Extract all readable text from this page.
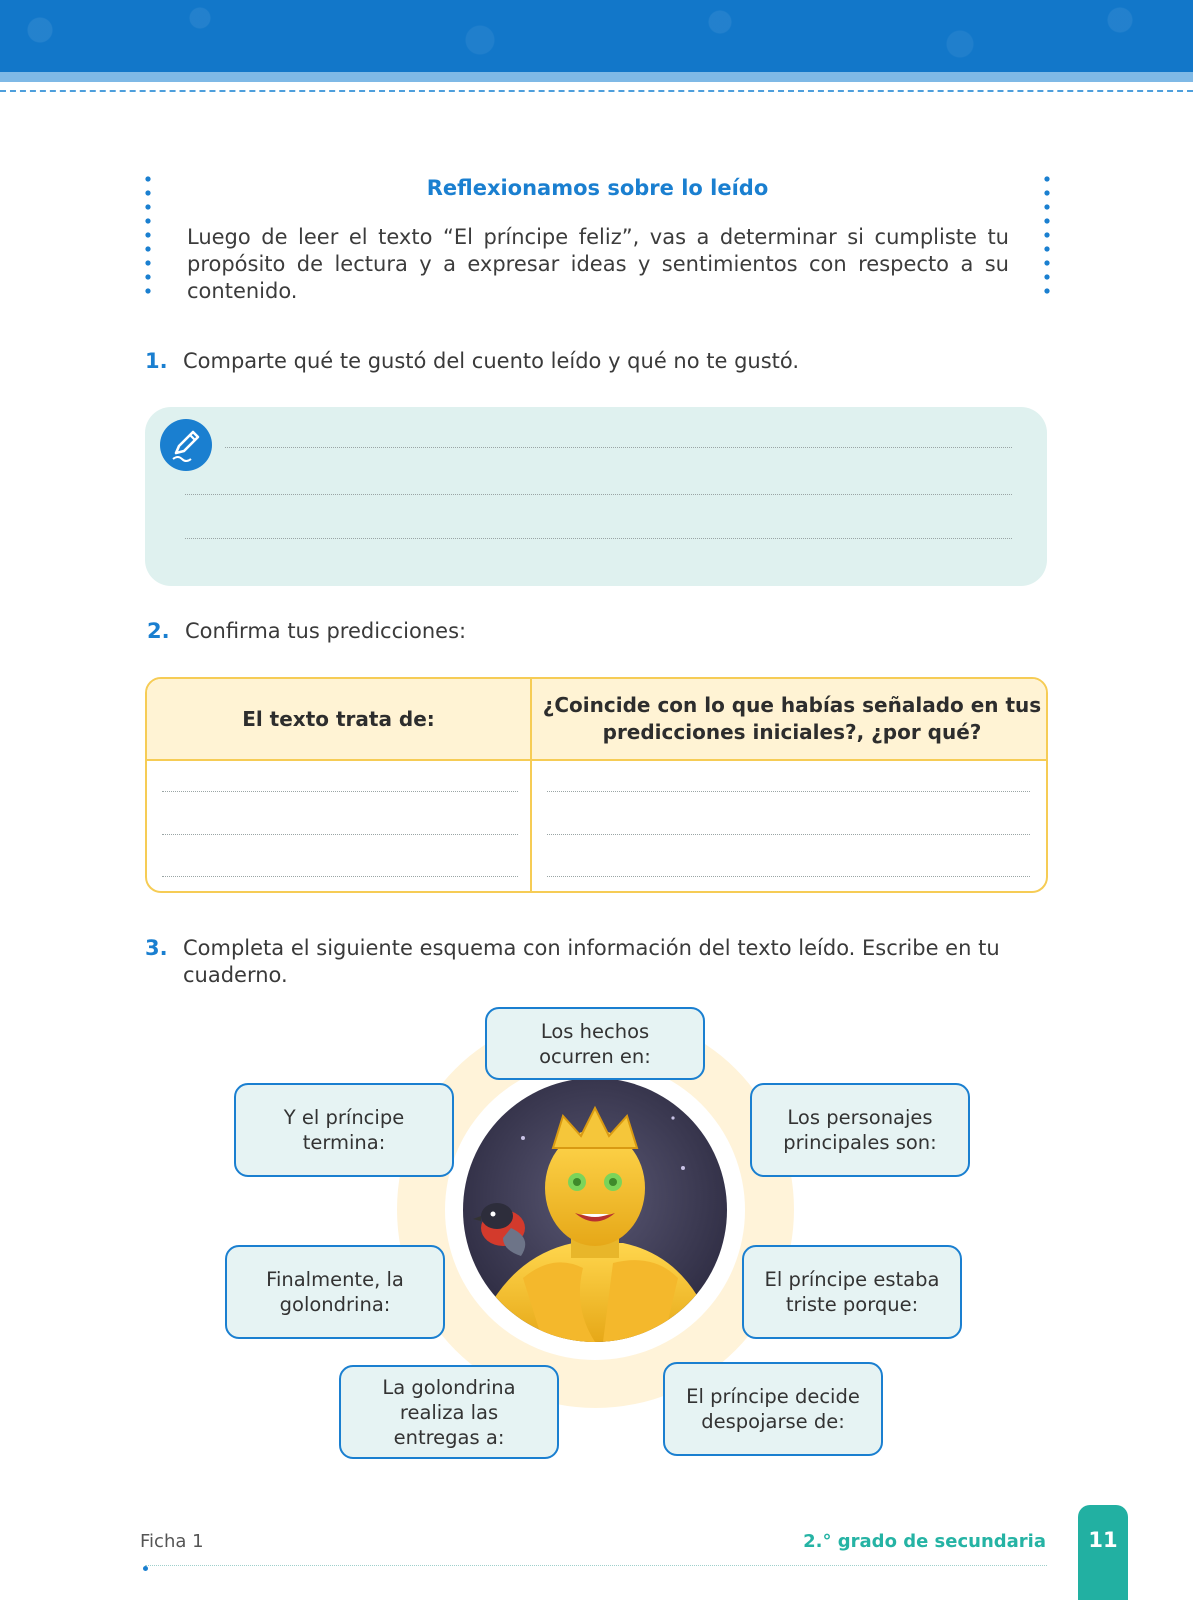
Reflexionamos sobre lo leído
Luego de leer el texto “El príncipe feliz”, vas a determinar si cumpliste tu propósito de lectura y a expresar ideas y sentimientos con respecto a su contenido.
1. Comparte qué te gustó del cuento leído y qué no te gustó.
2. Confirma tus predicciones:
El texto trata de:
¿Coincide con lo que habías señalado en tus predicciones iniciales?, ¿por qué?
3. Completa el siguiente esquema con información del texto leído. Escribe en tu cuaderno.
Los hechos ocurren en:
Los personajes principales son:
El príncipe estaba triste porque:
El príncipe decide despojarse de:
La golondrina realiza las entregas a:
Finalmente, la golondrina:
Y el príncipe termina:
Ficha 1	2.° grado de secundaria	11
